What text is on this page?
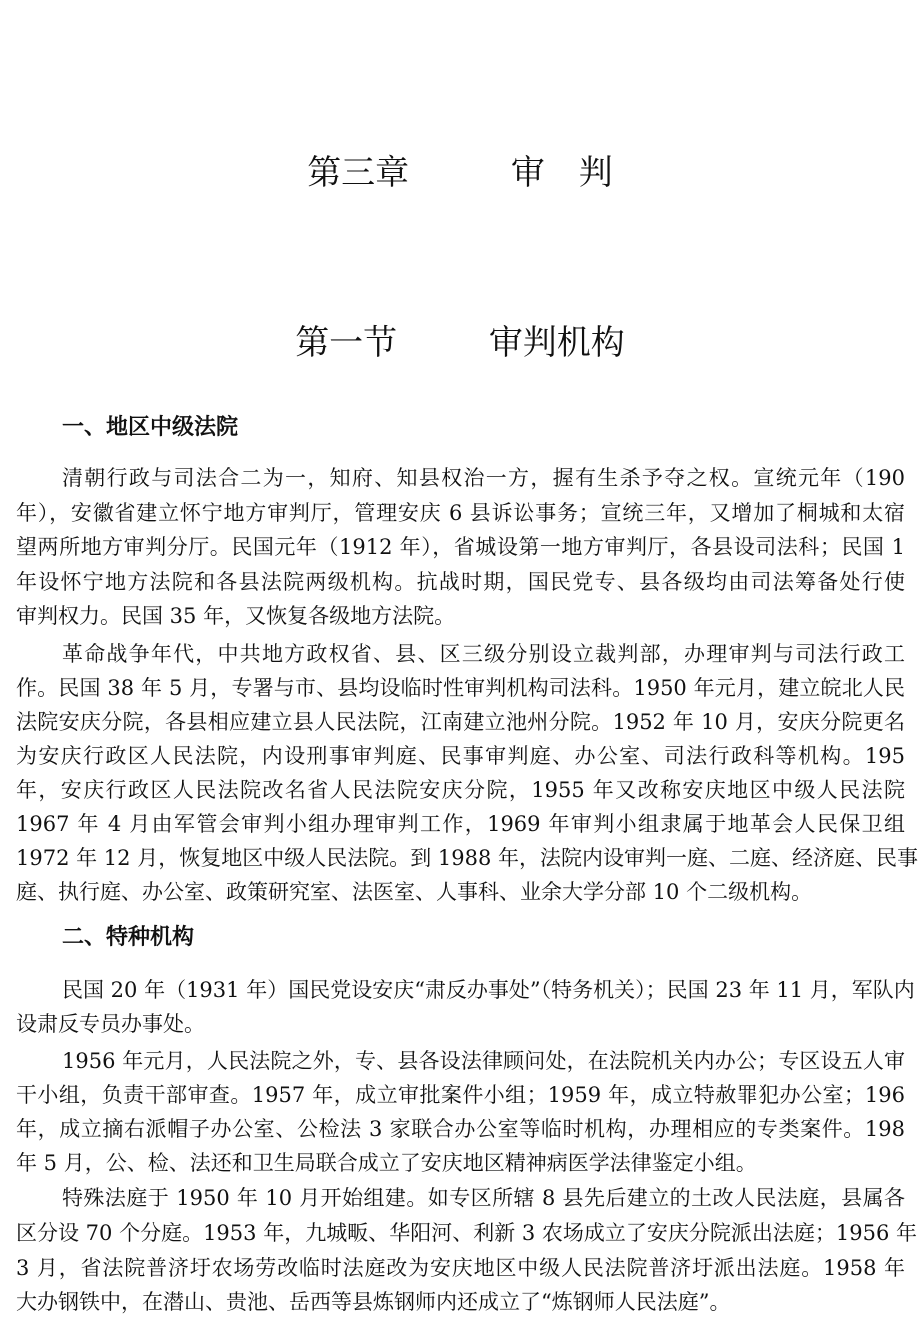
第三章	审　判
第一节	审判机构
一、地区中级法院
清朝行政与司法合二为一，知府、知县权治一方，握有生杀予夺之权。宣统元年（190
年），安徽省建立怀宁地方审判厅，管理安庆 6 县诉讼事务；宣统三年，又增加了桐城和太宿
望两所地方审判分厅。民国元年（1912 年），省城设第一地方审判厅，各县设司法科；民国 1
年设怀宁地方法院和各县法院两级机构。抗战时期，国民党专、县各级均由司法筹备处行使
审判权力。民国 35 年，又恢复各级地方法院。
革命战争年代，中共地方政权省、县、区三级分别设立裁判部，办理审判与司法行政工
作。民国 38 年 5 月，专署与市、县均设临时性审判机构司法科。1950 年元月，建立皖北人民
法院安庆分院，各县相应建立县人民法院，江南建立池州分院。1952 年 10 月，安庆分院更名
为安庆行政区人民法院，内设刑事审判庭、民事审判庭、办公室、司法行政科等机构。195
年，安庆行政区人民法院改名省人民法院安庆分院，1955 年又改称安庆地区中级人民法院
1967 年 4 月由军管会审判小组办理审判工作，1969 年审判小组隶属于地革会人民保卫组
1972 年 12 月，恢复地区中级人民法院。到 1988 年，法院内设审判一庭、二庭、经济庭、民事
庭、执行庭、办公室、政策研究室、法医室、人事科、业余大学分部 10 个二级机构。
二、特种机构
民国 20 年（1931 年）国民党设安庆“肃反办事处”（特务机关）；民国 23 年 11 月，军队内
设肃反专员办事处。
1956 年元月，人民法院之外，专、县各设法律顾问处，在法院机关内办公；专区设五人审
干小组，负责干部审查。1957 年，成立审批案件小组；1959 年，成立特赦罪犯办公室；196
年，成立摘右派帽子办公室、公检法 3 家联合办公室等临时机构，办理相应的专类案件。198
年 5 月，公、检、法还和卫生局联合成立了安庆地区精神病医学法律鉴定小组。
特殊法庭于 1950 年 10 月开始组建。如专区所辖 8 县先后建立的土改人民法庭，县属各
区分设 70 个分庭。1953 年，九城畈、华阳河、利新 3 农场成立了安庆分院派出法庭；1956 年
3 月，省法院普济圩农场劳改临时法庭改为安庆地区中级人民法院普济圩派出法庭。1958 年
大办钢铁中，在潜山、贵池、岳西等县炼钢师内还成立了“炼钢师人民法庭”。
